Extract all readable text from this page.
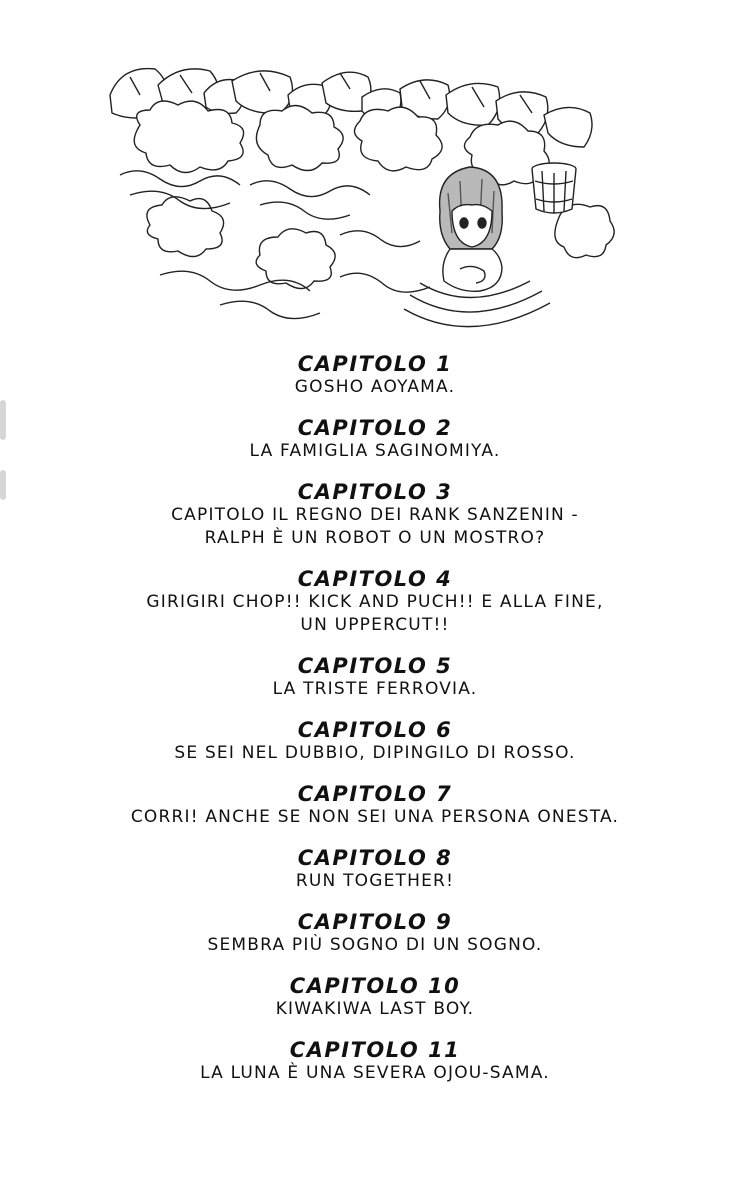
CAPITOLO 1
GOSHO AOYAMA.
CAPITOLO 2
LA FAMIGLIA SAGINOMIYA.
CAPITOLO 3
CAPITOLO IL REGNO DEI RANK SANZENIN -
RALPH È UN ROBOT O UN MOSTRO?
CAPITOLO 4
GIRIGIRI CHOP!! KICK AND PUCH!! E ALLA FINE,
UN UPPERCUT!!
CAPITOLO 5
LA TRISTE FERROVIA.
CAPITOLO 6
SE SEI NEL DUBBIO, DIPINGILO DI ROSSO.
CAPITOLO 7
CORRI! ANCHE SE NON SEI UNA PERSONA ONESTA.
CAPITOLO 8
RUN TOGETHER!
CAPITOLO 9
SEMBRA PIÙ SOGNO DI UN SOGNO.
CAPITOLO 10
KIWAKIWA LAST BOY.
CAPITOLO 11
LA LUNA È UNA SEVERA OJOU-SAMA.
